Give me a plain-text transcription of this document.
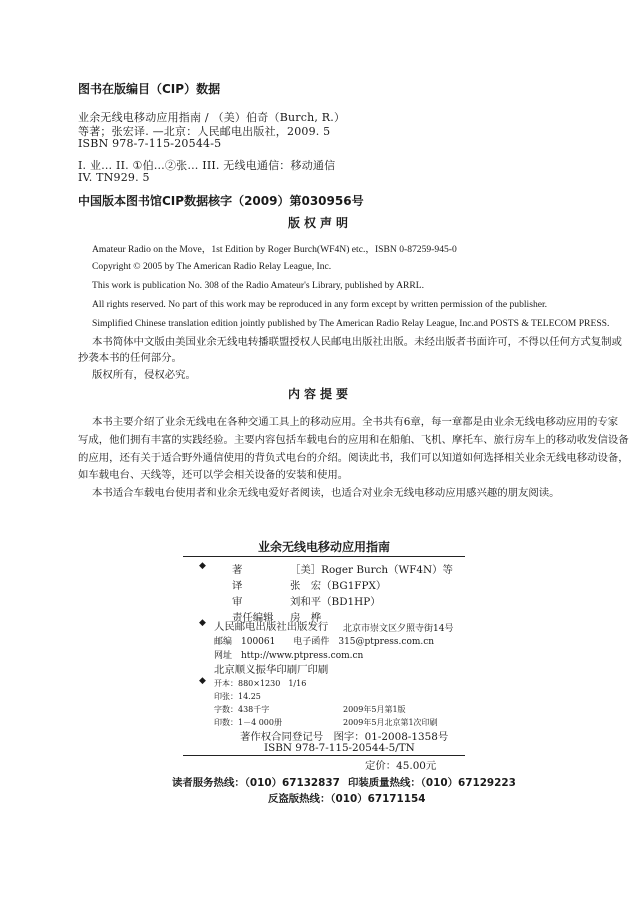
图书在版编目（CIP）数据
业余无线电移动应用指南 / （美）伯奇（Burch, R.）
等著；张宏译. —北京：人民邮电出版社，2009. 5
ISBN 978-7-115-20544-5
I. 业… II. ①伯…②张… III. 无线电通信：移动通信
IV. TN929. 5
中国版本图书馆CIP数据核字（2009）第030956号
版权声明
Amateur Radio on the Move，1st Edition by Roger Burch(WF4N) etc.，ISBN 0-87259-945-0
Copyright © 2005 by The American Radio Relay League, Inc.
This work is publication No. 308 of the Radio Amateur's Library, published by ARRL.
All rights reserved. No part of this work may be reproduced in any form except by written permission of the publisher.
Simplified Chinese translation edition jointly published by The American Radio Relay League, Inc.and POSTS & TELECOM PRESS.
本书简体中文版由美国业余无线电转播联盟授权人民邮电出版社出版。未经出版者书面许可，不得以任何方式复制或
抄袭本书的任何部分。
版权所有，侵权必究。
内容提要
本书主要介绍了业余无线电在各种交通工具上的移动应用。全书共有6章，每一章都是由业余无线电移动应用的专家
写成，他们拥有丰富的实践经验。主要内容包括车载电台的应用和在船舶、飞机、摩托车、旅行房车上的移动收发信设备
的应用，还有关于适合野外通信使用的背负式电台的介绍。阅读此书，我们可以知道如何选择相关业余无线电移动设备，
如车载电台、天线等，还可以学会相关设备的安装和使用。
本书适合车载电台使用者和业余无线电爱好者阅读，也适合对业余无线电移动应用感兴趣的朋友阅读。
业余无线电移动应用指南
◆	著	［美］Roger Burch（WF4N）等
译	张　宏（BG1FPX）
审	刘和平（BD1HP）
责任编辑 房　桦
◆ 人民邮电出版社出版发行 北京市崇文区夕照寺街14号
邮编　100061　　电子函件　315@ptpress.com.cn
网址　http://www.ptpress.com.cn
北京顺义振华印刷厂印刷
◆ 开本：880×1230　1/16
印张：14.25
字数：438千字	2009年5月第1版
印数：1－4 000册	2009年5月北京第1次印刷
著作权合同登记号　图字：01-2008-1358号
ISBN 978-7-115-20544-5/TN
定价：45.00元
读者服务热线：（010）67132837 印装质量热线：（010）67129223
反盗版热线：（010）67171154
